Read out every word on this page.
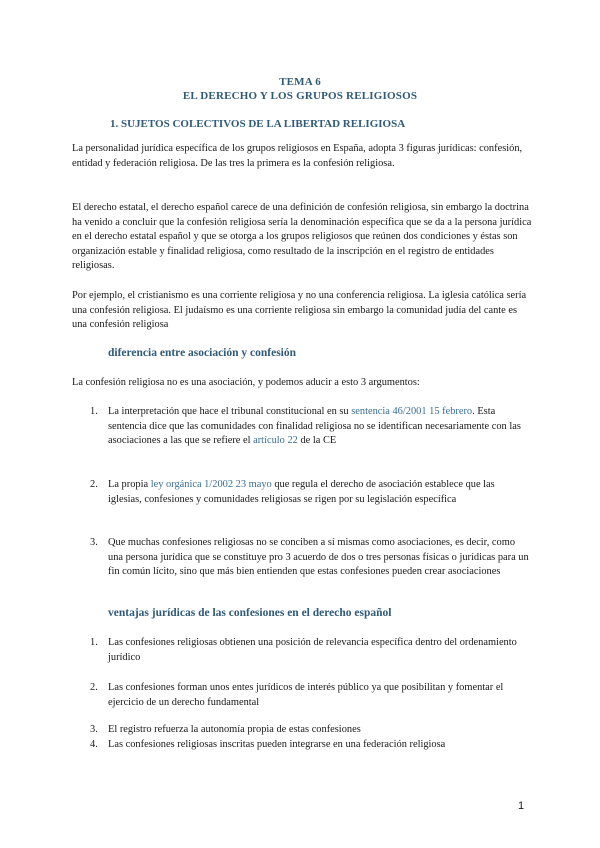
TEMA 6
EL DERECHO Y LOS GRUPOS RELIGIOSOS
1. SUJETOS COLECTIVOS DE LA LIBERTAD RELIGIOSA
La personalidad jurídica específica de los grupos religiosos en España, adopta 3 figuras jurídicas: confesión, entidad y federación religiosa. De las tres la primera es la confesión religiosa.
El derecho estatal, el derecho español carece de una definición de confesión religiosa, sin embargo la doctrina ha venido a concluir que la confesión religiosa sería la denominación específica que se da a la persona jurídica en el derecho estatal español y que se otorga a los grupos religiosos que reúnen dos condiciones y éstas son organización estable y finalidad religiosa, como resultado de la inscripción en el registro de entidades religiosas.
Por ejemplo, el cristianismo es una corriente religiosa y no una conferencia religiosa. La iglesia católica sería una confesión religiosa. El judaísmo es una corriente religiosa sin embargo la comunidad judía del cante es una confesión religiosa
diferencia entre asociación y confesión
La confesión religiosa no es una asociación, y podemos aducir a esto 3 argumentos:
1. La interpretación que hace el tribunal constitucional en su sentencia 46/2001 15 febrero. Esta sentencia dice que las comunidades con finalidad religiosa no se identifican necesariamente con las asociaciones a las que se refiere el artículo 22 de la CE
2. La propia ley orgánica 1/2002 23 mayo que regula el derecho de asociación establece que las iglesias, confesiones y comunidades religiosas se rigen por su legislación específica
3. Que muchas confesiones religiosas no se conciben a sí mismas como asociaciones, es decir, como una persona jurídica que se constituye pro 3 acuerdo de dos o tres personas físicas o jurídicas para un fin común lícito, sino que más bien entienden que estas confesiones pueden crear asociaciones
ventajas jurídicas de las confesiones en el derecho español
1. Las confesiones religiosas obtienen una posición de relevancia específica dentro del ordenamiento jurídico
2. Las confesiones forman unos entes jurídicos de interés público ya que posibilitan y fomentar el ejercicio de un derecho fundamental
3. El registro refuerza la autonomía propia de estas confesiones
4. Las confesiones religiosas inscritas pueden integrarse en una federación religiosa
1
